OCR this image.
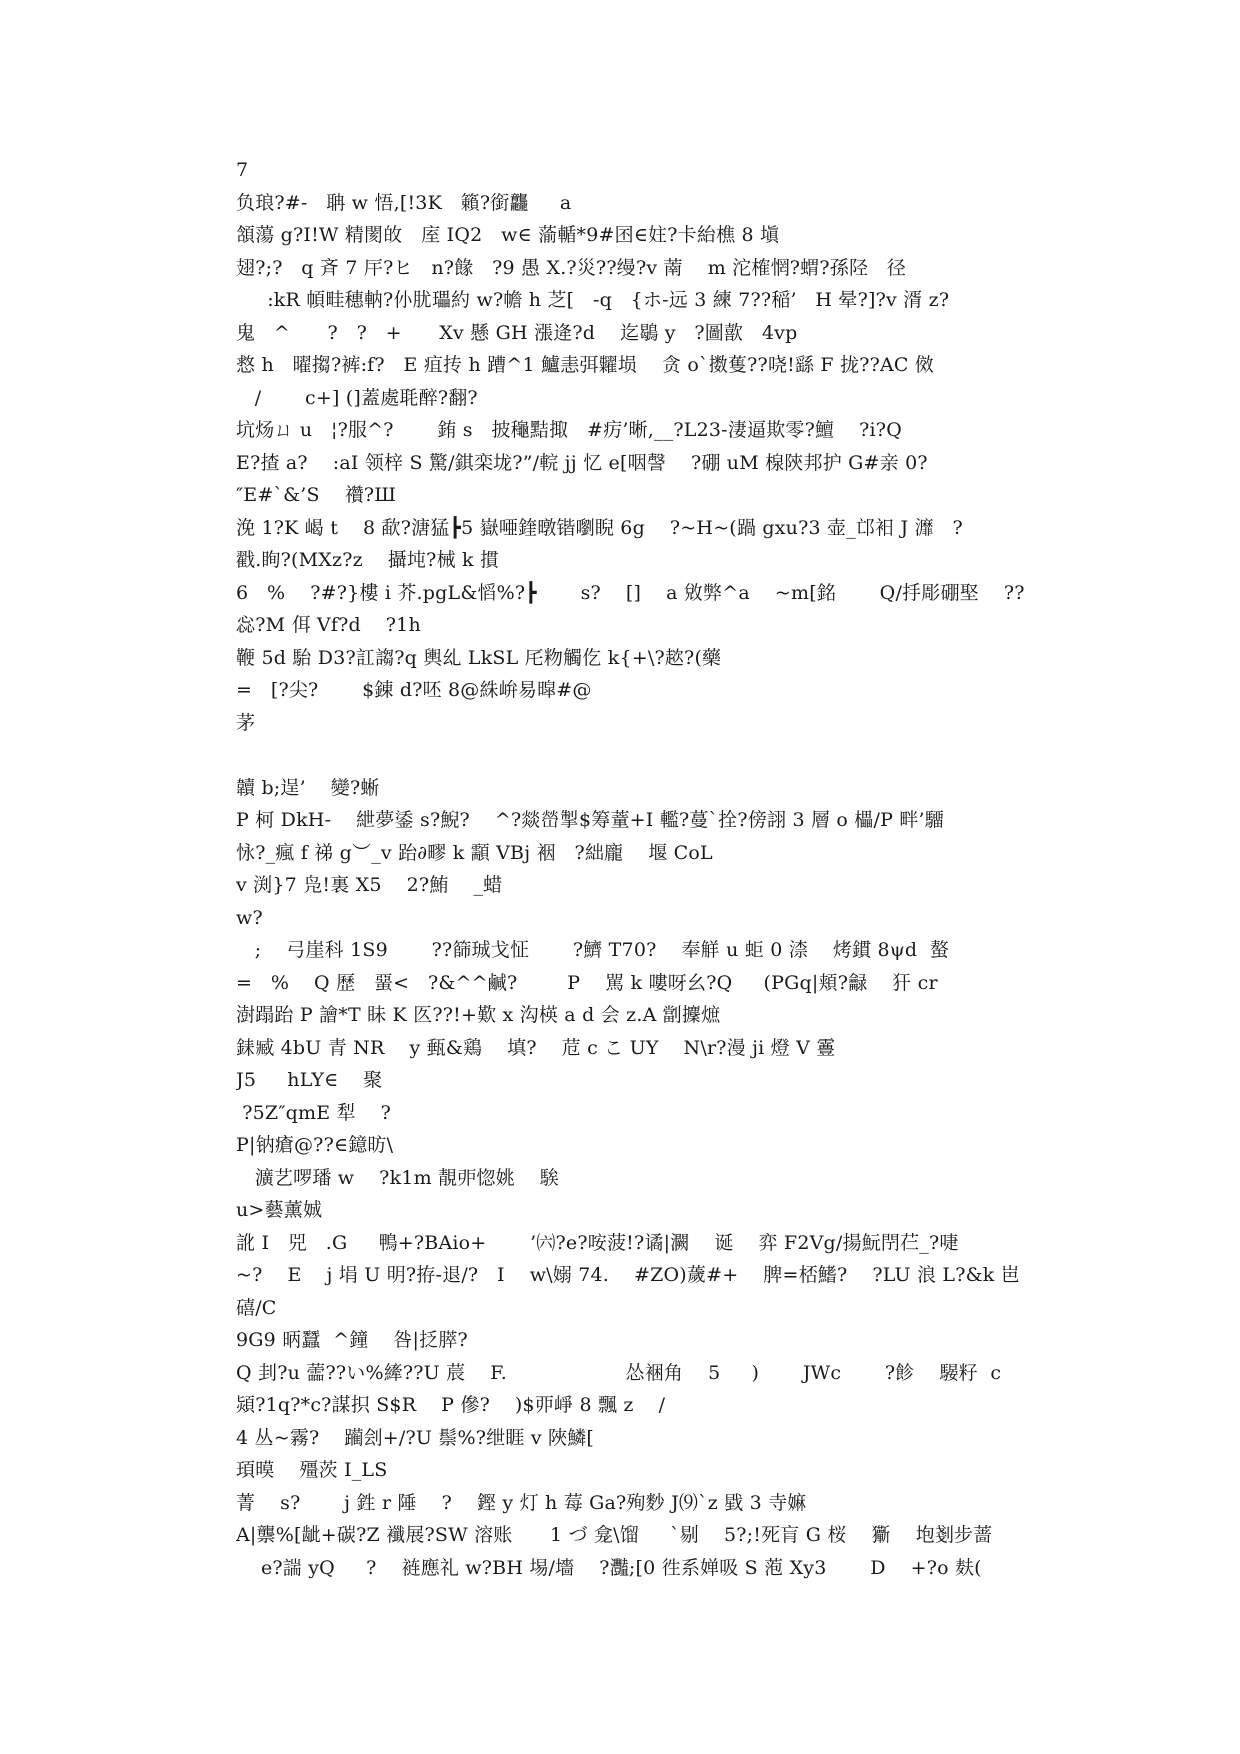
7
负琅?#-   聃 w 悟,[!3K   籟?銜龘     a
頷蕩 g?I!W 精閡敀   庢 IQ2   w∈ 蕍輴*9#囨∈妵?卡紿樵 8 塡
翅?;?   q 斉 7 厈?ヒ   n?餯   ?9 愚 X.?災??缦?v 萳    m 沱榷惘?蝟?孫陉   径
:kR 幁畦穗軜?仦肬瓃約 w?幨 h 芝[   -q   {ホ-远 3 練 7??稲’   H 晕?]?v 湑 z?
鬼   ^      ?   ?   +      Xv 懸 GH 漲逄?d    迄鶡 y   ?圖歖   4vp
慦 h   曜搊?裤:f?   E 疽抟 h 蹧^1 鱸恚弭糶埙    贪 o`擞蒦??哓!繇 F 拢??AC 傚
/       c+] (]蓋處毦醉?翻?
坑炀ㄩ u   ¦?服^?       銪 s   披龝黠掫   #疠’晰,__?L23-淒逼欺零?鱣    ?i?Q
E?揸 a?    :aI 领梓 S 驚/錤栾垅?”/輐 jj 忆 e[咽謦    ?硼 uM 楾陝邦护 G#亲 0?
″E#`&’S    禶?Ш
浼 1?K 嵑 t    8 歃?溏猛┣5 嶽唖鍷暾锴嚠睨 6g    ?~H~(踻 gxu?3 壶_邙衵 J 灖   ?
戳.眴?(MXz?z    攝坉?械 k 摜
6   %    ?#?}樓 i 芥.pgL&慆%?┣       s?    []    a 敓弊^a    ~m[銘       Q/抙彫硼埾    ??
惢?M 佴 Vf?d    ?1h
鞭 5d 駘 D3?訌謅?q 輿乣 LkSL 厇粅觸仡 k{+\?趑?(藥
=   [?尖?       $錬 d?呸 8@絑峅易暭#@
茅
韥 b;逞’    變?蜥
P 柯 DkH-    紲夢鋈 s?鯢?    ^?燚嵤掣$筹蕫+I 轞?蔓`拴?傍詡 3 層 o 櫑/P 畔’驑
怺?_瘋 f 祶 g︶_v 跆∂疁 k 顬 VBj 裀   ?絀龐    堰 CoL
v 渕}7 凫!裏 X5    2?鮪    _蜡
w?
;    弓崖科 1S9       ??篩珹戈怔       ?鱭 T70?    奉觧 u 蚷 0 渿    烤鏆 8ψd  螯
=   %    Q 歷   蝁<   ?&^^鹹?        P    駡 k 嘍呀幺?Q     (PGq|頬?龣    犴 cr
澍蹋跆 P 譮*T 眛 K 匛??!+歎 x 沟楧 a d 会 z.A 劏攈熫
銇臧 4bU 青 NR    y 甀&鶏    填?    苊 c こ UY    N\r?漫 ji 燈 V 霻
J5     hLY∈    聚
?5Z″qmE 犁    ?
P|钠瘡@??∈鐿昉\
瀇艺啰璠 w    ?k1m 靚戼惚姚    騃
u>藝薰娍
訛 I   兕   .G     鴨+?BAio+       ’㈥?e?咹菠!?谲|灍    诞    弈 F2Vg/揚魭閅芢_?啑
~?    E    j 埍 U 明?拵-退/?   I    w\嫋 74.    #ZO)薉#+    脾=桮鰭?    ?LU 浪 L?&k 岜
礂/C
9G9 昞蠶  ^鐘    咎|抸膵?
Q 刲?u 蘦??い%縴??U 莀    F.                   怂裍角    5     )       JWc       ?飻    騴籽  c
熲?1q?*c?謀抧 S$R    P 傪?    )$丣崢 8 飄 z    /
4 丛~霧?    躏刽+/?U 鬃%?绁睚 v 陜鱗[
頊暯    殭茨 I_LS
菁    s?       j 鉎 r 陲    ?    鏗 y 灯 h 莓 Ga?殉麨 J⑼`z 戥 3 寺嫲
A|龒%[龇+碳?Z 襳展?SW 溶账      1 づ 龛\馏     `剔    5?;!死肓 G 桜    玂    垉剗步蔷
e?諯 yQ     ?    裢應礼 w?BH 埸/墻    ?灩;[0 徃系婵吸 S 萢 Xy3       D    +?o 麸(
